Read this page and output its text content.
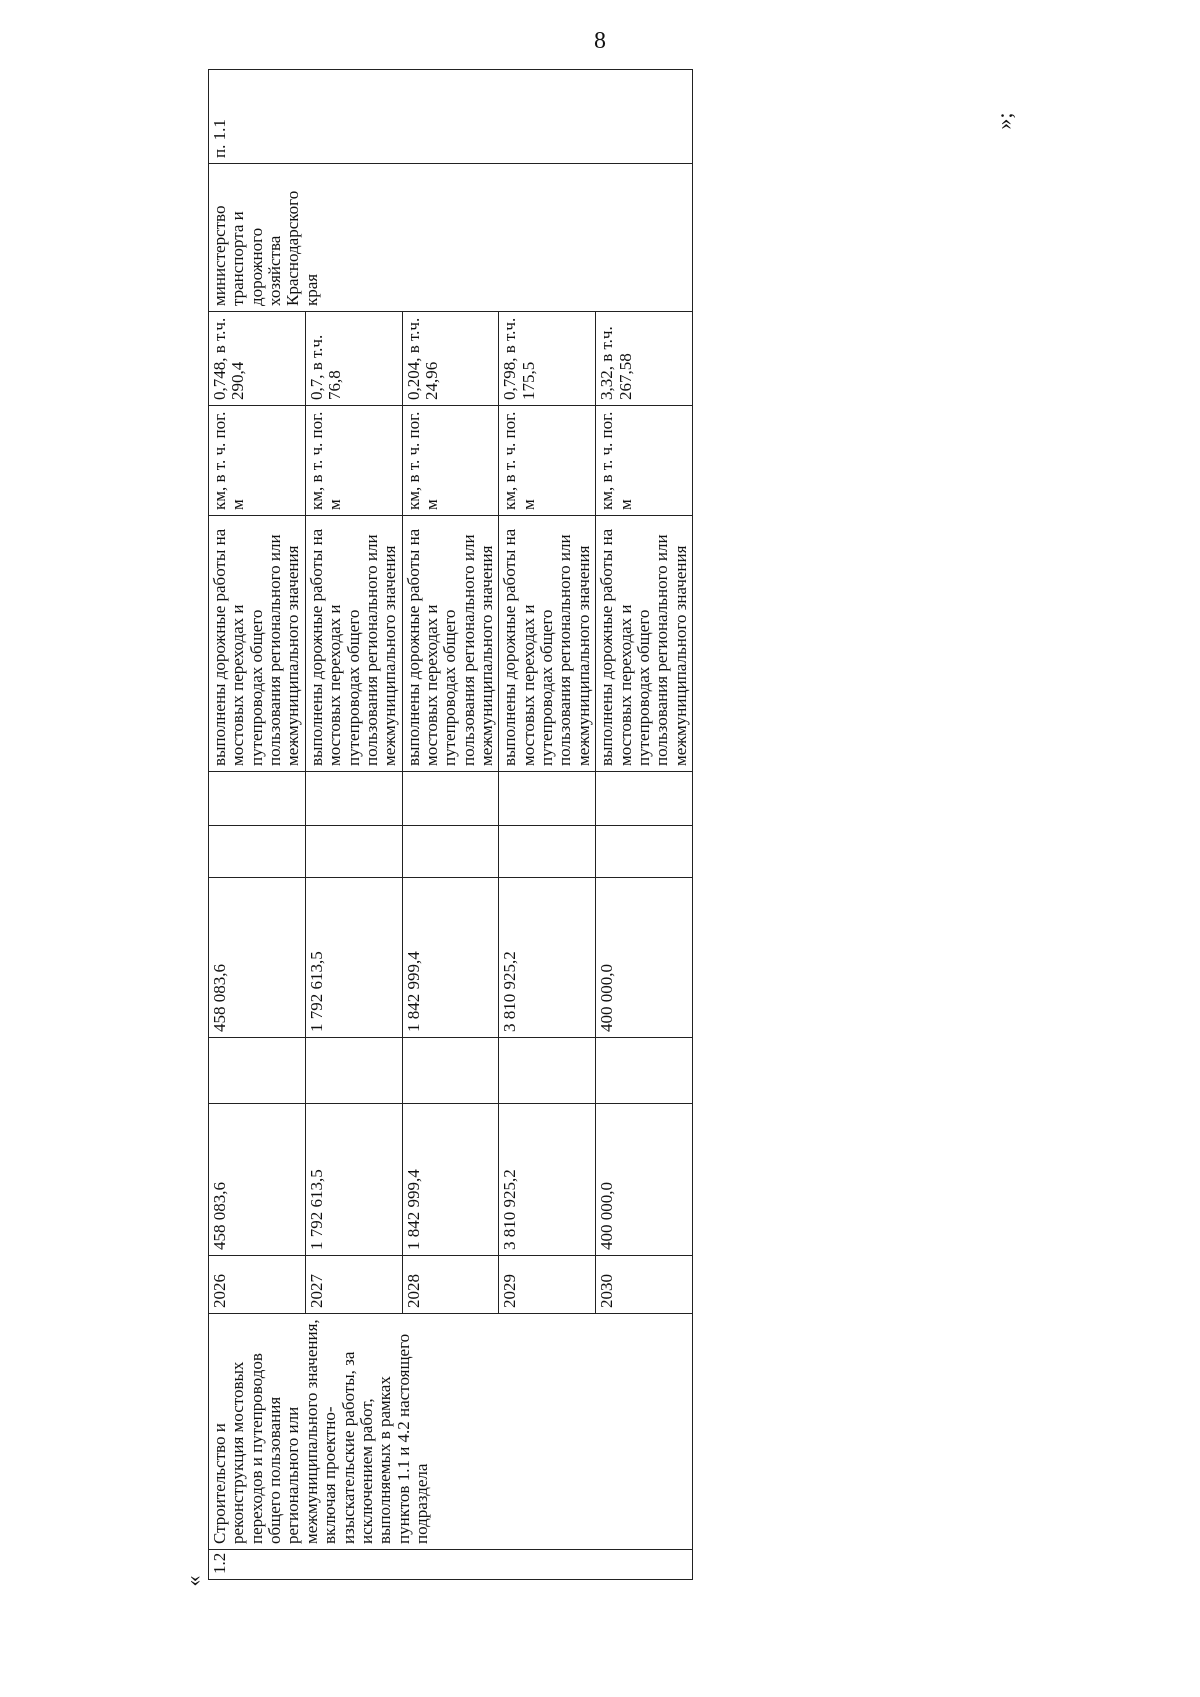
8
»;
1.2	Строительство и реконструкция мостовых переходов и путепроводов общего пользования регионального или межмуниципального значения, включая проектно-изыскательские работы, за исключением работ, выполняемых в рамках пунктов 1.1 и 4.2 настоящего подраздела	2026	458 083,6		458 083,6			выполнены дорожные работы на мостовых переходах и путепроводах общего пользования регионального или межмуниципального значения	км, в т. ч. пог. м	0,748, в т.ч. 290,4	министерство транспорта и дорожного хозяйства Краснодарского края	п. 1.1
		2027	1 792 613,5		1 792 613,5			выполнены дорожные работы на мостовых переходах и путепроводах общего пользования регионального или межмуниципального значения	км, в т. ч. пог. м	0,7, в т.ч. 76,8		
		2028	1 842 999,4		1 842 999,4			выполнены дорожные работы на мостовых переходах и путепроводах общего пользования регионального или межмуниципального значения	км, в т. ч. пог. м	0,204, в т.ч. 24,96		
		2029	3 810 925,2		3 810 925,2			выполнены дорожные работы на мостовых переходах и путепроводах общего пользования регионального или межмуниципального значения	км, в т. ч. пог. м	0,798, в т.ч. 175,5		
		2030	400 000,0		400 000,0			выполнены дорожные работы на мостовых переходах и путепроводах общего пользования регионального или межмуниципального значения	км, в т. ч. пог. м	3,32, в т.ч. 267,58		
«
